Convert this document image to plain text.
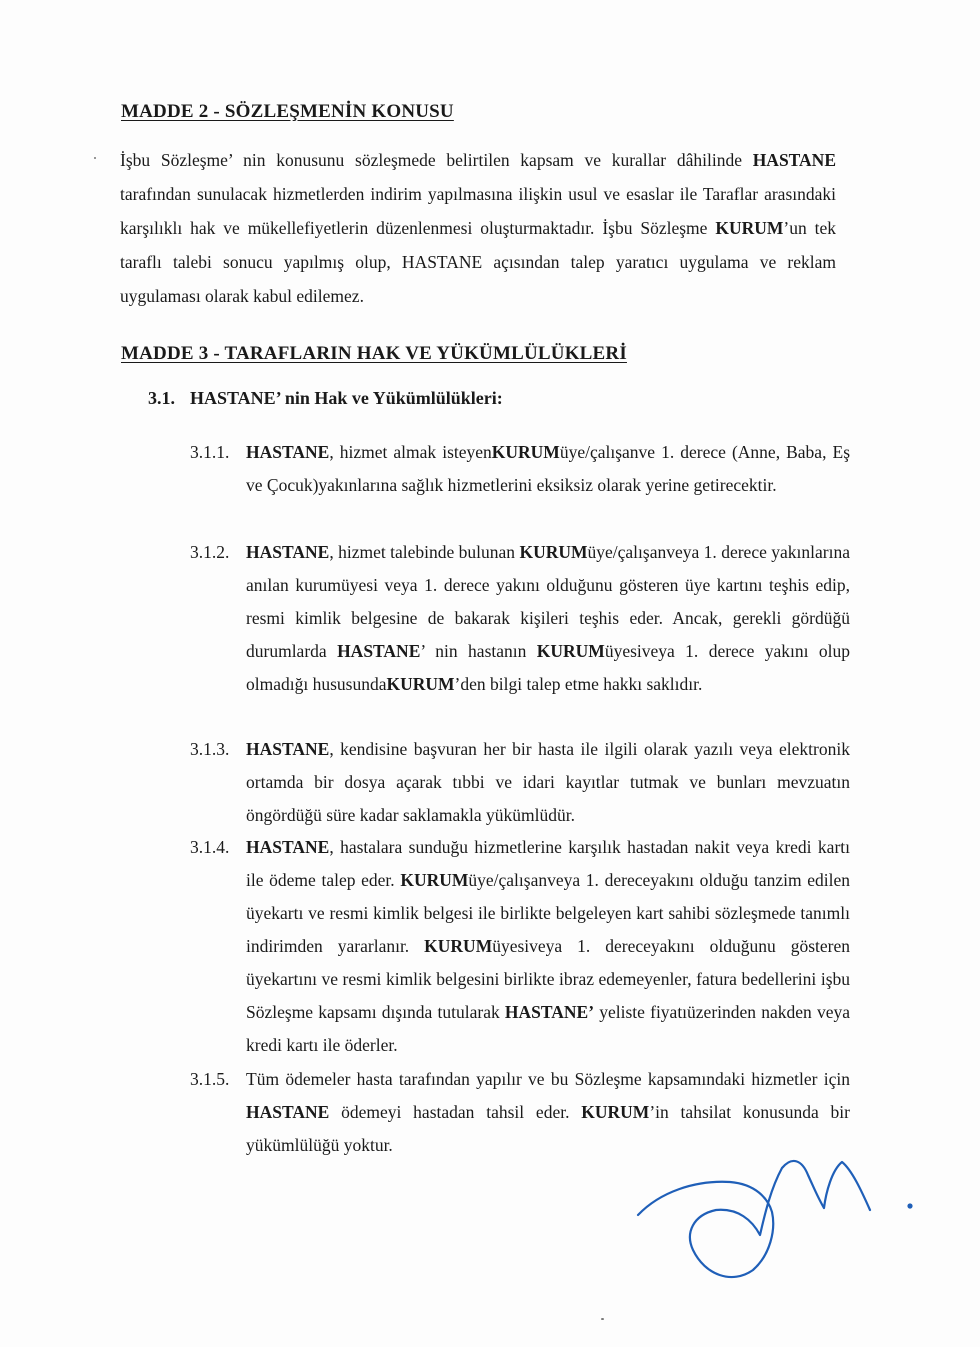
MADDE 2 - SÖZLEŞMENİN KONUSU
İşbu Sözleşme’ nin konusunu sözleşmede belirtilen kapsam ve kurallar dâhilinde HASTANE tarafından sunulacak hizmetlerden indirim yapılmasına ilişkin usul ve esaslar ile Taraflar arasındaki karşılıklı hak ve mükellefiyetlerin düzenlenmesi oluşturmaktadır. İşbu Sözleşme KURUM’un tek taraflı talebi sonucu yapılmış olup, HASTANE açısından talep yaratıcı uygulama ve reklam uygulaması olarak kabul edilemez.
MADDE 3 - TARAFLARIN HAK VE YÜKÜMLÜLÜKLERİ
3.1. HASTANE’ nin Hak ve Yükümlülükleri:
3.1.1. HASTANE, hizmet almak isteyenKURUMüye/çalışanve 1. derece (Anne, Baba, Eş ve Çocuk)yakınlarına sağlık hizmetlerini eksiksiz olarak yerine getirecektir.
3.1.2. HASTANE, hizmet talebinde bulunan KURUMüye/çalışanveya 1. derece yakınlarına anılan kurumüyesi veya 1. derece yakını olduğunu gösteren üye kartını teşhis edip, resmi kimlik belgesine de bakarak kişileri teşhis eder. Ancak, gerekli gördüğü durumlarda HASTANE’ nin hastanın KURUMüyesiveya 1. derece yakını olup olmadığı hususundaKURUM’den bilgi talep etme hakkı saklıdır.
3.1.3. HASTANE, kendisine başvuran her bir hasta ile ilgili olarak yazılı veya elektronik ortamda bir dosya açarak tıbbi ve idari kayıtlar tutmak ve bunları mevzuatın öngördüğü süre kadar saklamakla yükümlüdür.
3.1.4. HASTANE, hastalara sunduğu hizmetlerine karşılık hastadan nakit veya kredi kartı ile ödeme talep eder. KURUMüye/çalışanveya 1. dereceyakını olduğu tanzim edilen üyekartı ve resmi kimlik belgesi ile birlikte belgeleyen kart sahibi sözleşmede tanımlı indirimden yararlanır. KURUMüyesiveya 1. dereceyakını olduğunu gösteren üyekartını ve resmi kimlik belgesini birlikte ibraz edemeyenler, fatura bedellerini işbu Sözleşme kapsamı dışında tutularak HASTANE’ yeliste fiyatıüzerinden nakden veya kredi kartı ile öderler.
3.1.5. Tüm ödemeler hasta tarafından yapılır ve bu Sözleşme kapsamındaki hizmetler için HASTANE ödemeyi hastadan tahsil eder. KURUM’in tahsilat konusunda bir yükümlülüğü yoktur.
